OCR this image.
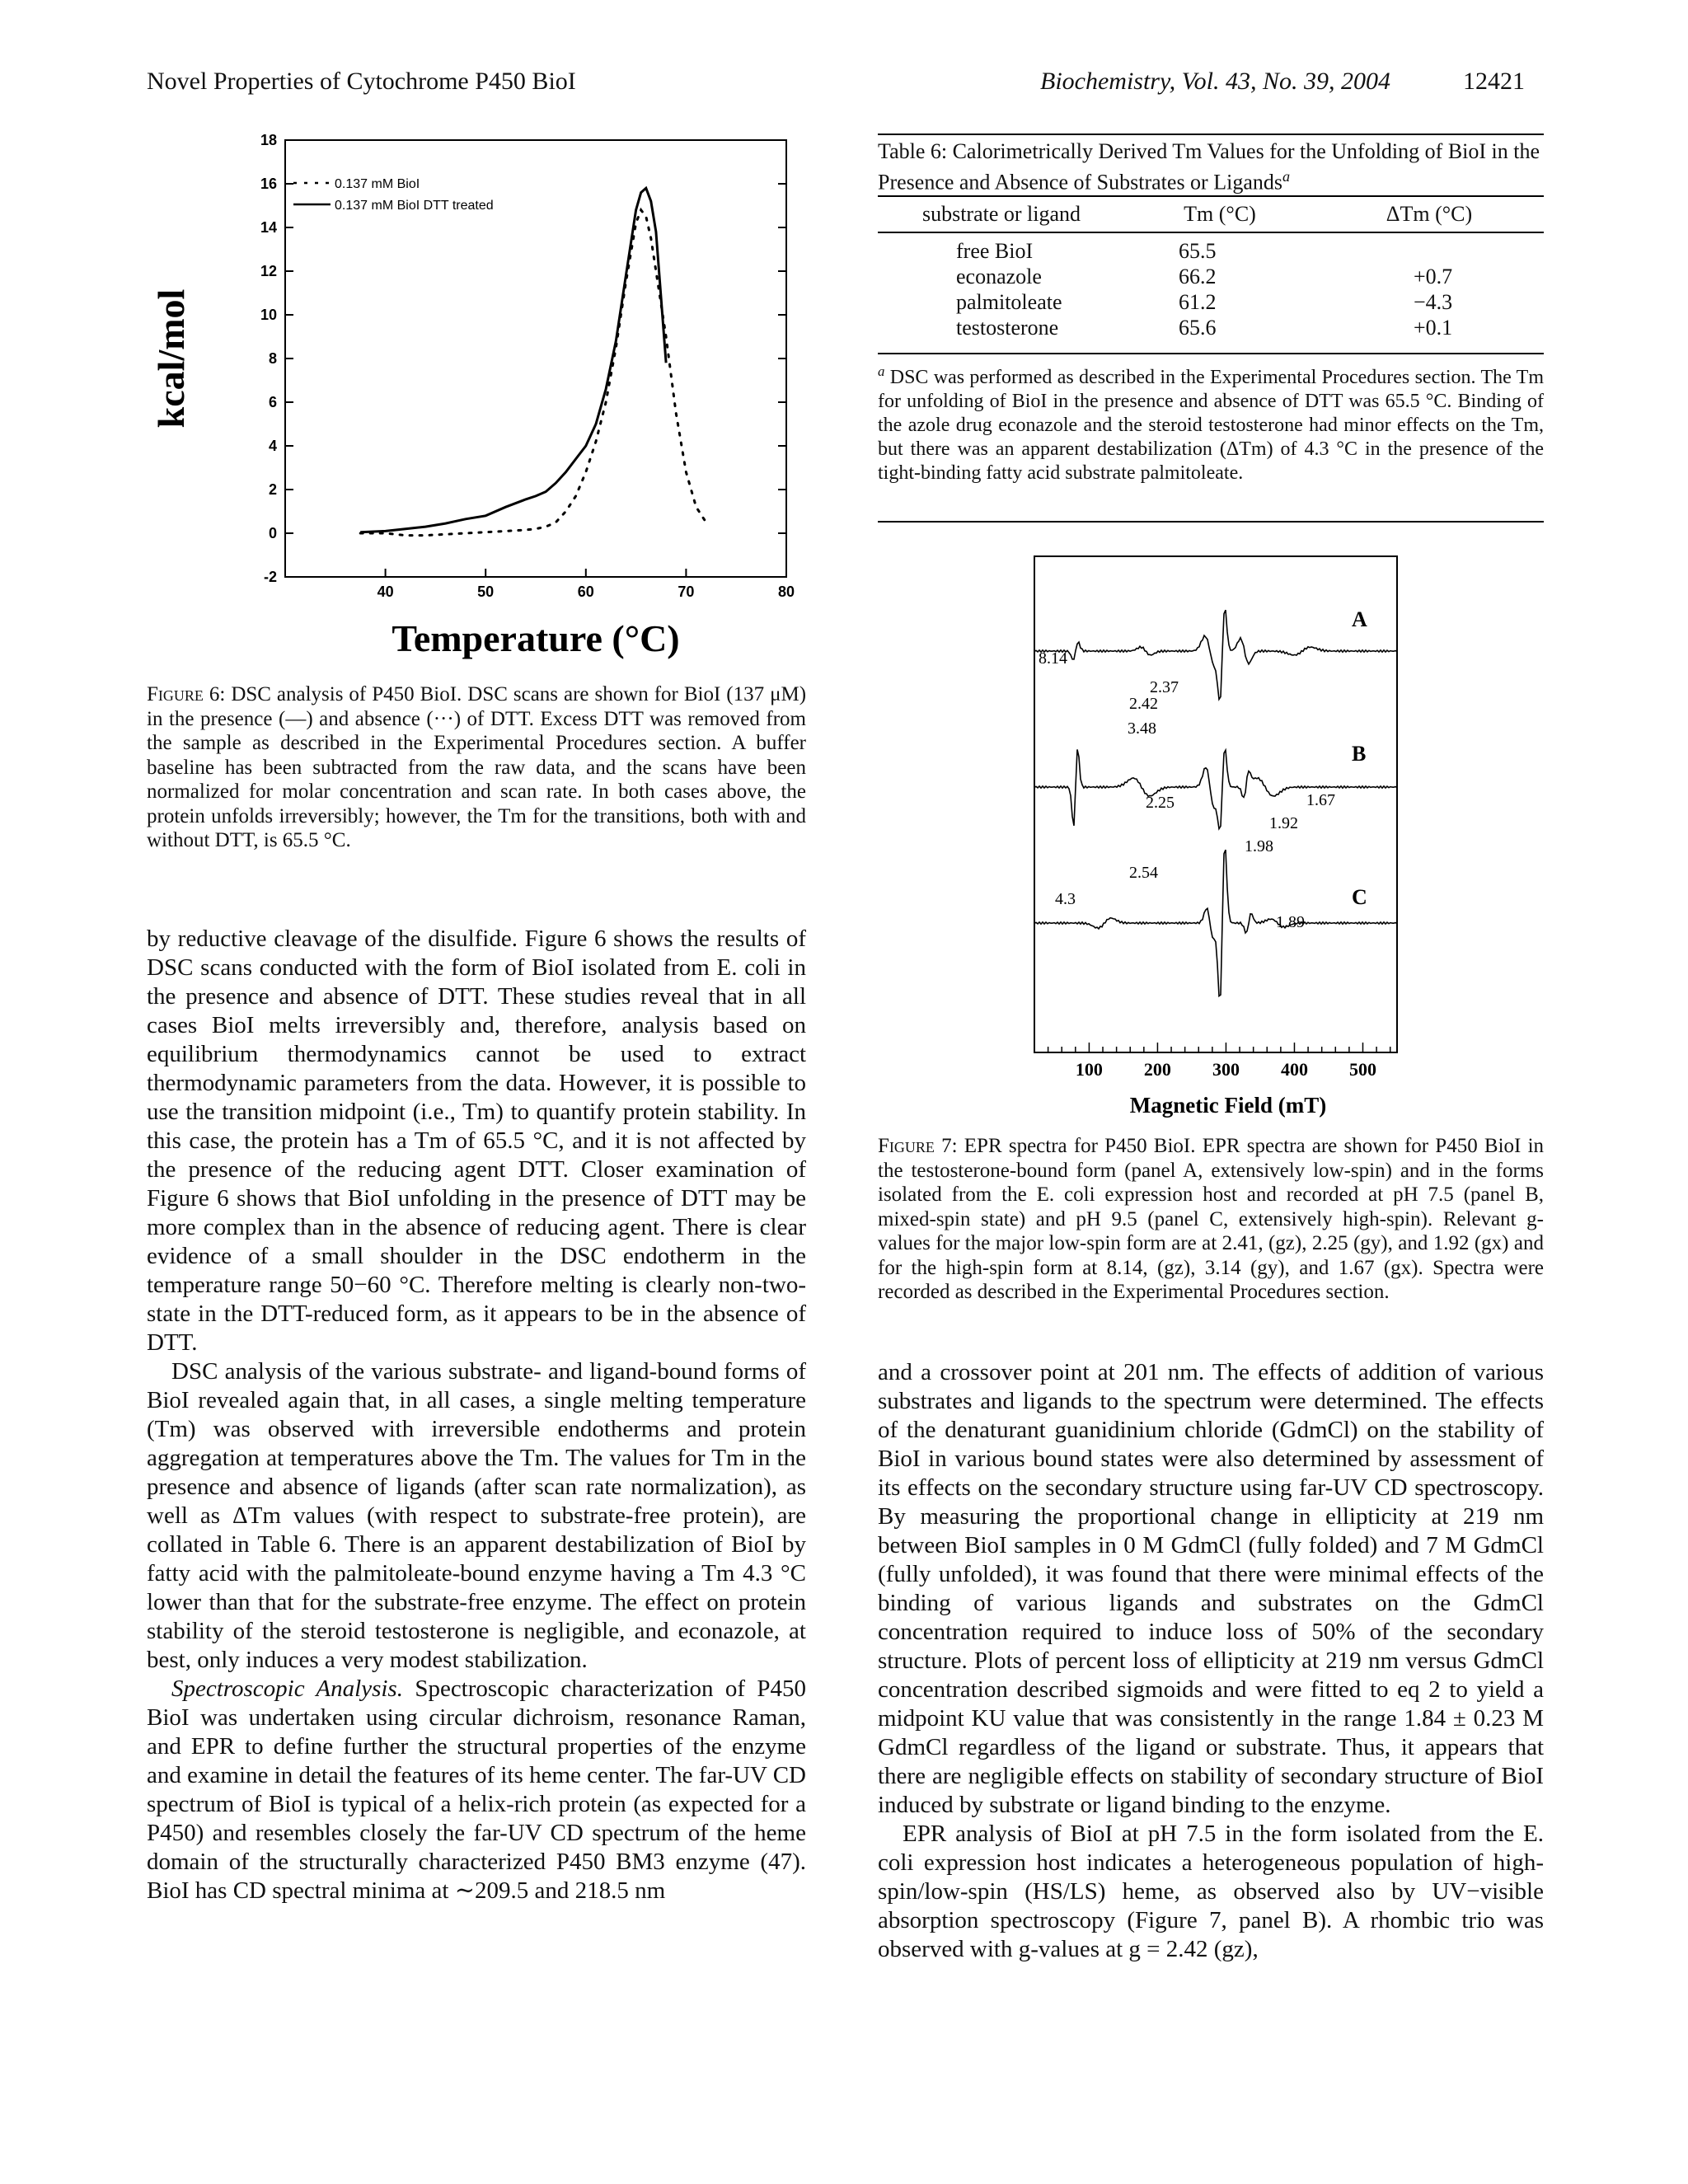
Novel Properties of Cytochrome P450 BioI	Biochemistry, Vol. 43, No. 39, 2004	12421
40	50	60	70	80
-2
0
2
4
6
8
10
12
14
16
18
0.137 mM BioI
0.137 mM BioI DTT treated
kcal/mol
Temperature (°C)
Figure 6: DSC analysis of P450 BioI. DSC scans are shown for BioI (137 μM) in the presence (—) and absence (···) of DTT. Excess DTT was removed from the sample as described in the Experimental Procedures section. A buffer baseline has been subtracted from the raw data, and the scans have been normalized for molar concentration and scan rate. In both cases above, the protein unfolds irreversibly; however, the Tm for the transitions, both with and without DTT, is 65.5 °C.

by reductive cleavage of the disulfide. Figure 6 shows the results of DSC scans conducted with the form of BioI isolated from E. coli in the presence and absence of DTT. These studies reveal that in all cases BioI melts irreversibly and, therefore, analysis based on equilibrium thermodynamics cannot be used to extract thermodynamic parameters from the data. However, it is possible to use the transition midpoint (i.e., Tm) to quantify protein stability. In this case, the protein has a Tm of 65.5 °C, and it is not affected by the presence of the reducing agent DTT. Closer examination of Figure 6 shows that BioI unfolding in the presence of DTT may be more complex than in the absence of reducing agent. There is clear evidence of a small shoulder in the DSC endotherm in the temperature range 50−60 °C. Therefore melting is clearly non-two-state in the DTT-reduced form, as it appears to be in the absence of DTT.

DSC analysis of the various substrate- and ligand-bound forms of BioI revealed again that, in all cases, a single melting temperature (Tm) was observed with irreversible endotherms and protein aggregation at temperatures above the Tm. The values for Tm in the presence and absence of ligands (after scan rate normalization), as well as ΔTm values (with respect to substrate-free protein), are collated in Table 6. There is an apparent destabilization of BioI by fatty acid with the palmitoleate-bound enzyme having a Tm 4.3 °C lower than that for the substrate-free enzyme. The effect on protein stability of the steroid testosterone is negligible, and econazole, at best, only induces a very modest stabilization.

Spectroscopic Analysis. Spectroscopic characterization of P450 BioI was undertaken using circular dichroism, resonance Raman, and EPR to define further the structural properties of the enzyme and examine in detail the features of its heme center. The far-UV CD spectrum of BioI is typical of a helix-rich protein (as expected for a P450) and resembles closely the far-UV CD spectrum of the heme domain of the structurally characterized P450 BM3 enzyme (47). BioI has CD spectral minima at ∼209.5 and 218.5 nm

Table 6: Calorimetrically Derived Tm Values for the Unfolding of BioI in the Presence and Absence of Substrates or Ligands$^a$
substrate or ligand	Tm (°C)	ΔTm (°C)

free BioI	65.5	
econazole	66.2	+0.7
palmitoleate	61.2	−4.3
testosterone	65.6	+0.1
$^a$ DSC was performed as described in the Experimental Procedures section. The Tm for unfolding of BioI in the presence and absence of DTT was 65.5 °C. Binding of the azole drug econazole and the steroid testosterone had minor effects on the Tm, but there was an apparent destabilization (ΔTm) of 4.3 °C in the presence of the tight-binding fatty acid substrate palmitoleate.
100 200 300 400 500
8.14
2.42
2.37
3.48
2.25	1.67
1.92
1.98
4.3
2.54
1.89
A
B
C
Magnetic Field (mT)
Figure 7: EPR spectra for P450 BioI. EPR spectra are shown for P450 BioI in the testosterone-bound form (panel A, extensively low-spin) and in the forms isolated from the E. coli expression host and recorded at pH 7.5 (panel B, mixed-spin state) and pH 9.5 (panel C, extensively high-spin). Relevant g-values for the major low-spin form are at 2.41, (gz), 2.25 (gy), and 1.92 (gx) and for the high-spin form at 8.14, (gz), 3.14 (gy), and 1.67 (gx). Spectra were recorded as described in the Experimental Procedures section.

and a crossover point at 201 nm. The effects of addition of various substrates and ligands to the spectrum were determined. The effects of the denaturant guanidinium chloride (GdmCl) on the stability of BioI in various bound states were also determined by assessment of its effects on the secondary structure using far-UV CD spectroscopy. By measuring the proportional change in ellipticity at 219 nm between BioI samples in 0 M GdmCl (fully folded) and 7 M GdmCl (fully unfolded), it was found that there were minimal effects of the binding of various ligands and substrates on the GdmCl concentration required to induce loss of 50% of the secondary structure. Plots of percent loss of ellipticity at 219 nm versus GdmCl concentration described sigmoids and were fitted to eq 2 to yield a midpoint KU value that was consistently in the range 1.84 ± 0.23 M GdmCl regardless of the ligand or substrate. Thus, it appears that there are negligible effects on stability of secondary structure of BioI induced by substrate or ligand binding to the enzyme.

EPR analysis of BioI at pH 7.5 in the form isolated from the E. coli expression host indicates a heterogeneous population of high-spin/low-spin (HS/LS) heme, as observed also by UV−visible absorption spectroscopy (Figure 7, panel B). A rhombic trio was observed with g-values at g = 2.42 (gz),
